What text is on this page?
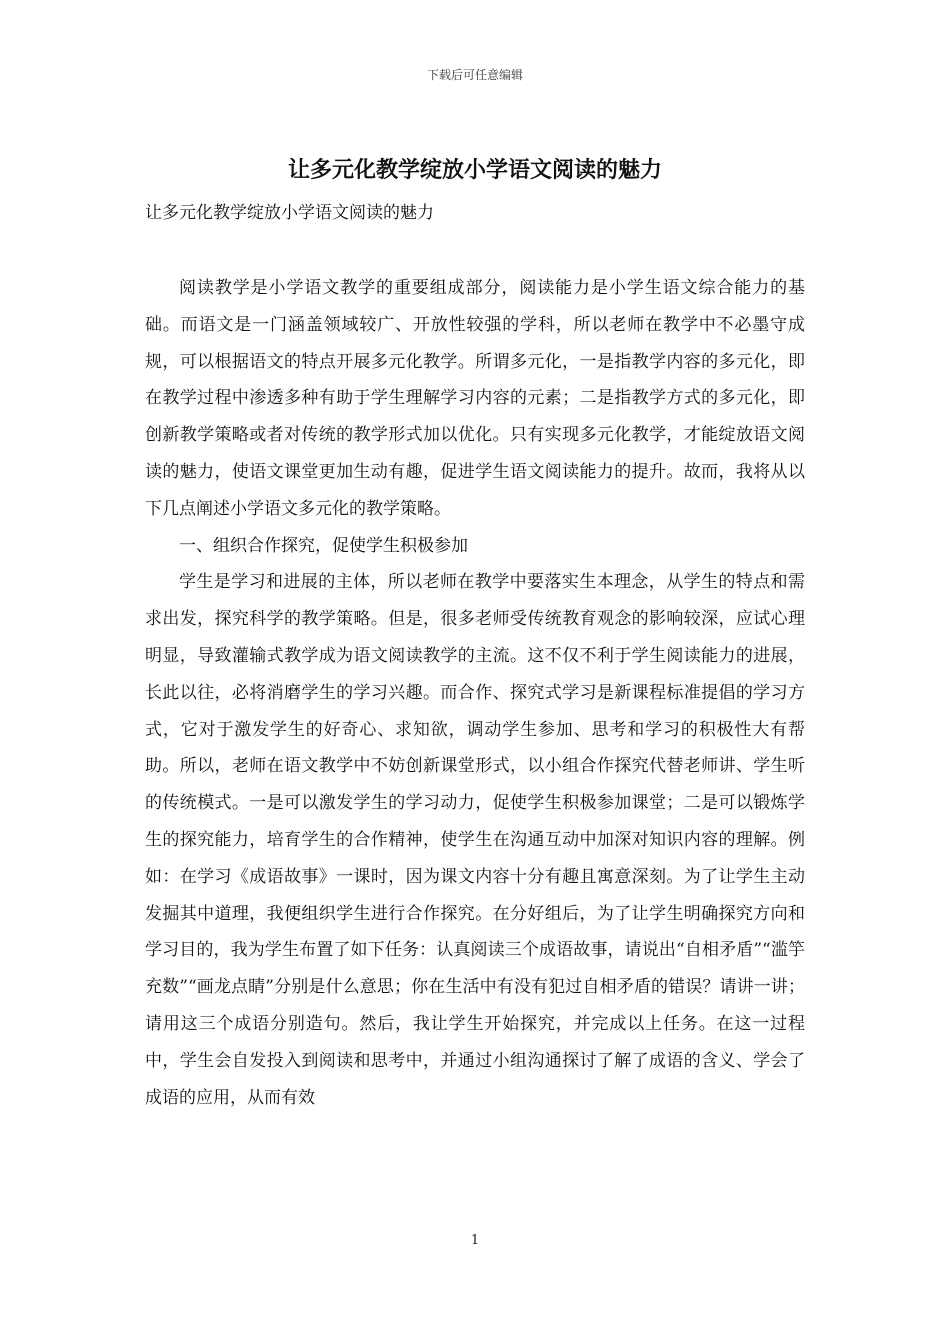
下载后可任意编辑
让多元化教学绽放小学语文阅读的魅力

让多元化教学绽放小学语文阅读的魅力

阅读教学是小学语文教学的重要组成部分，阅读能力是小学生语文综合能力的基础。而语文是一门涵盖领域较广、开放性较强的学科，所以老师在教学中不必墨守成规，可以根据语文的特点开展多元化教学。所谓多元化，一是指教学内容的多元化，即在教学过程中渗透多种有助于学生理解学习内容的元素；二是指教学方式的多元化，即创新教学策略或者对传统的教学形式加以优化。只有实现多元化教学，才能绽放语文阅读的魅力，使语文课堂更加生动有趣，促进学生语文阅读能力的提升。故而，我将从以下几点阐述小学语文多元化的教学策略。

一、组织合作探究，促使学生积极参加

学生是学习和进展的主体，所以老师在教学中要落实生本理念，从学生的特点和需求出发，探究科学的教学策略。但是，很多老师受传统教育观念的影响较深，应试心理明显，导致灌输式教学成为语文阅读教学的主流。这不仅不利于学生阅读能力的进展，长此以往，必将消磨学生的学习兴趣。而合作、探究式学习是新课程标准提倡的学习方式，它对于激发学生的好奇心、求知欲，调动学生参加、思考和学习的积极性大有帮助。所以，老师在语文教学中不妨创新课堂形式，以小组合作探究代替老师讲、学生听的传统模式。一是可以激发学生的学习动力，促使学生积极参加课堂；二是可以锻炼学生的探究能力，培育学生的合作精神，使学生在沟通互动中加深对知识内容的理解。例如：在学习《成语故事》一课时，因为课文内容十分有趣且寓意深刻。为了让学生主动发掘其中道理，我便组织学生进行合作探究。在分好组后，为了让学生明确探究方向和学习目的，我为学生布置了如下任务：认真阅读三个成语故事，请说出“自相矛盾”“滥竽充数”“画龙点睛”分别是什么意思；你在生活中有没有犯过自相矛盾的错误？请讲一讲；请用这三个成语分别造句。然后，我让学生开始探究，并完成以上任务。在这一过程中，学生会自发投入到阅读和思考中，并通过小组沟通探讨了解了成语的含义、学会了成语的应用，从而有效

1
